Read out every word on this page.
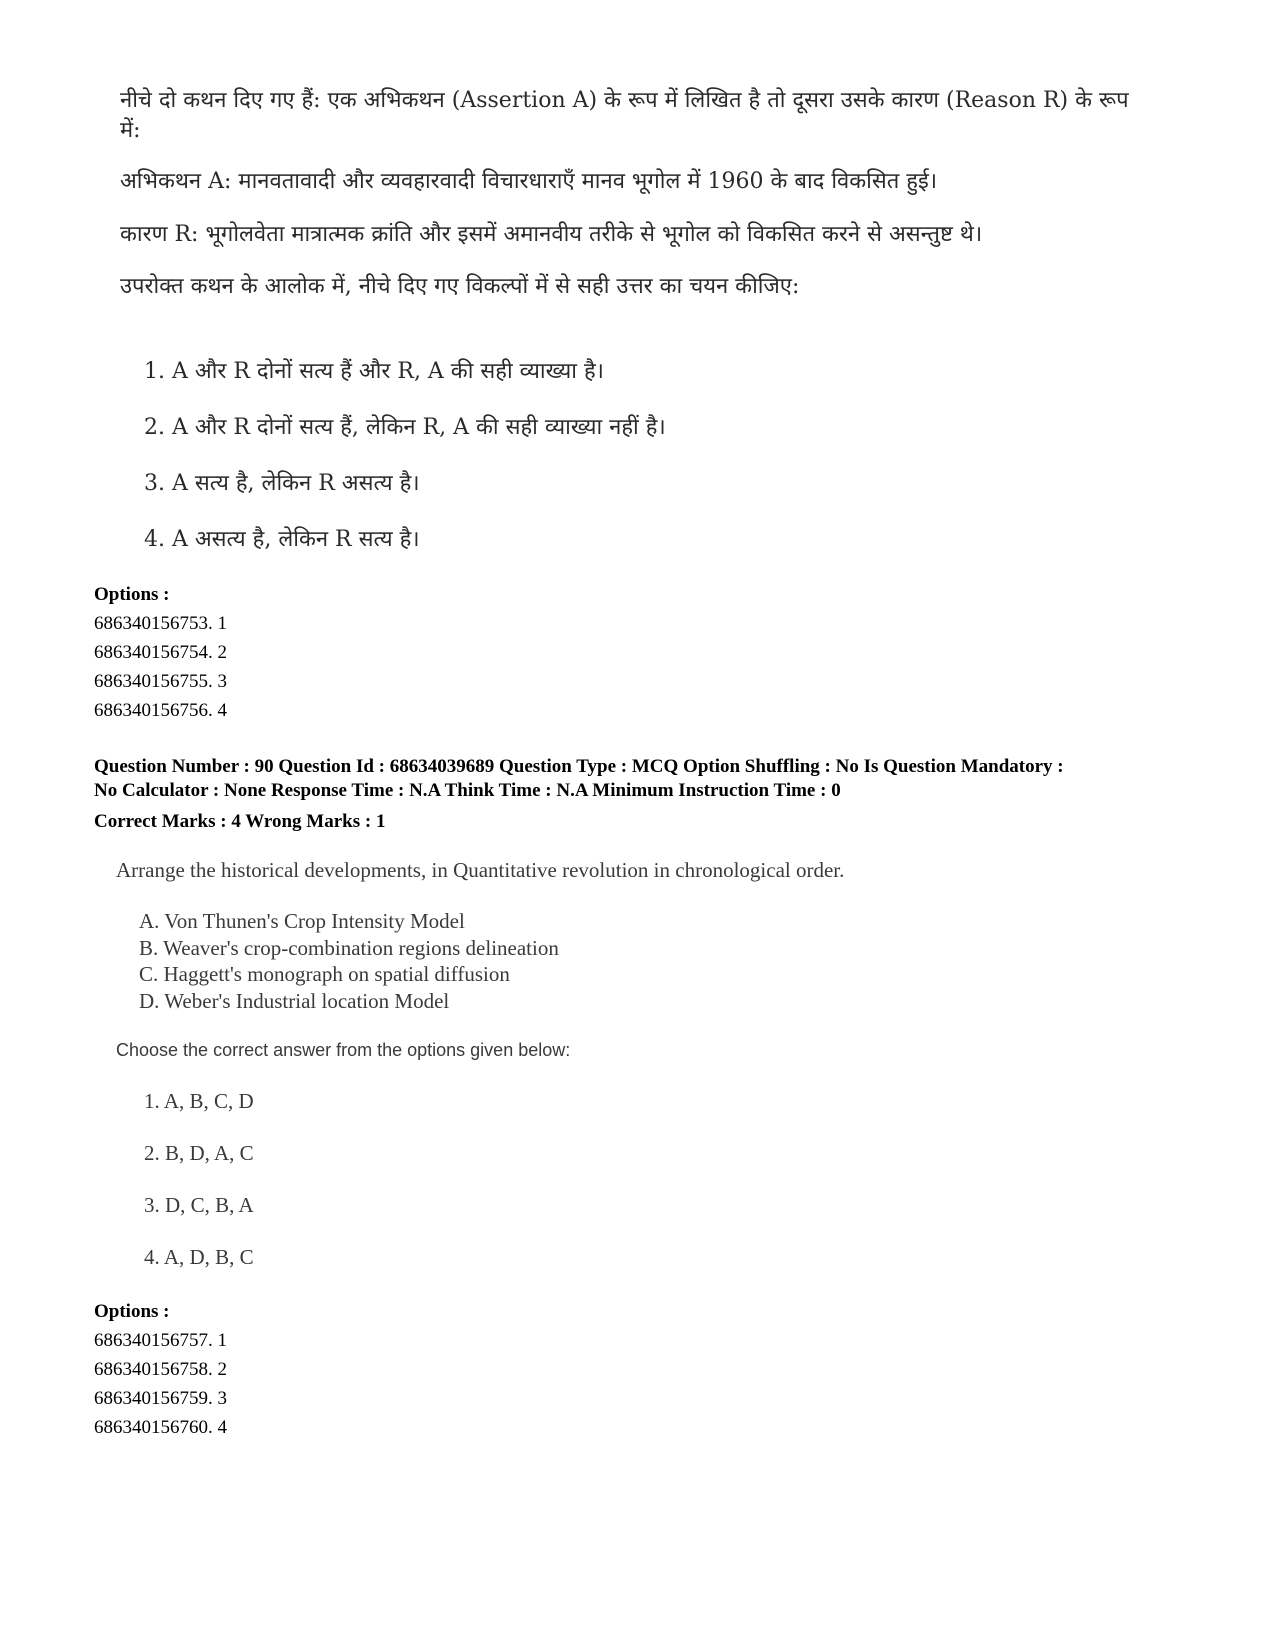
नीचे दो कथन दिए गए हैं: एक अभिकथन (Assertion A) के रूप में लिखित है तो दूसरा उसके कारण (Reason R) के रूप में:

अभिकथन A: मानवतावादी और व्यवहारवादी विचारधाराएँ मानव भूगोल में 1960 के बाद विकसित हुई।

कारण R: भूगोलवेता मात्रात्मक क्रांति और इसमें अमानवीय तरीके से भूगोल को विकसित करने से असन्तुष्ट थे।

उपरोक्त कथन के आलोक में, नीचे दिए गए विकल्पों में से सही उत्तर का चयन कीजिए:

1. A और R दोनों सत्य हैं और R, A की सही व्याख्या है।

2. A और R दोनों सत्य हैं, लेकिन R, A की सही व्याख्या नहीं है।

3. A सत्य है, लेकिन R असत्य है।

4. A असत्य है, लेकिन R सत्य है।

Options :

686340156753. 1

686340156754. 2

686340156755. 3

686340156756. 4

Question Number : 90 Question Id : 68634039689 Question Type : MCQ Option Shuffling : No Is Question Mandatory :

No Calculator : None Response Time : N.A Think Time : N.A Minimum Instruction Time : 0

Correct Marks : 4 Wrong Marks : 1

Arrange the historical developments, in Quantitative revolution in chronological order.

A. Von Thunen's Crop Intensity Model

B. Weaver's crop-combination regions delineation

C. Haggett's monograph on spatial diffusion

D. Weber's Industrial location Model

Choose the correct answer from the options given below:

1. A, B, C, D

2. B, D, A, C

3. D, C, B, A

4. A, D, B, C

Options :

686340156757. 1

686340156758. 2

686340156759. 3

686340156760. 4
